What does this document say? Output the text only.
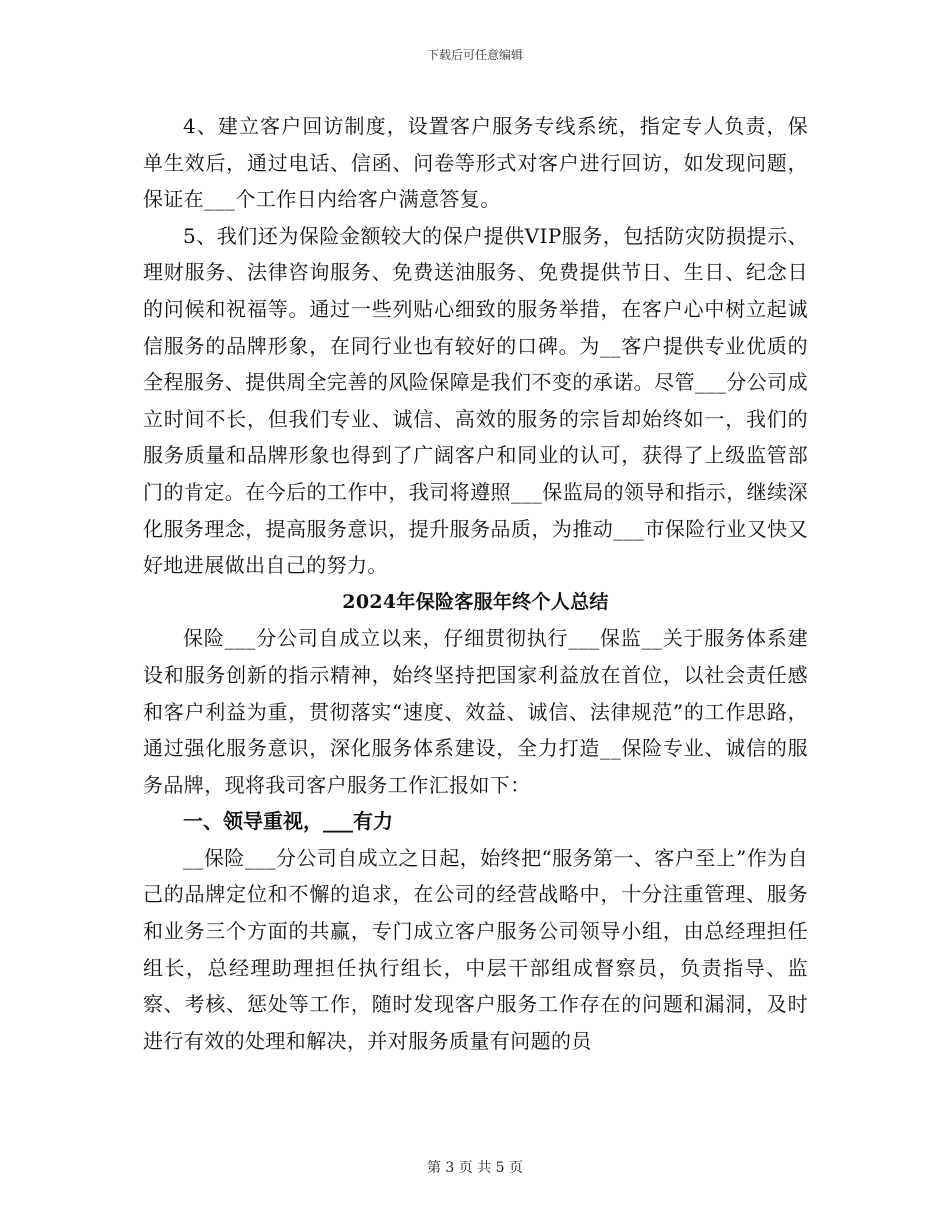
下载后可任意编辑

4、建立客户回访制度，设置客户服务专线系统，指定专人负责，保单生效后，通过电话、信函、问卷等形式对客户进行回访，如发现问题，保证在___个工作日内给客户满意答复。

5、我们还为保险金额较大的保户提供VIP服务，包括防灾防损提示、理财服务、法律咨询服务、免费送油服务、免费提供节日、生日、纪念日的问候和祝福等。通过一些列贴心细致的服务举措，在客户心中树立起诚信服务的品牌形象，在同行业也有较好的口碑。为__客户提供专业优质的全程服务、提供周全完善的风险保障是我们不变的承诺。尽管___分公司成立时间不长，但我们专业、诚信、高效的服务的宗旨却始终如一，我们的服务质量和品牌形象也得到了广阔客户和同业的认可，获得了上级监管部门的肯定。在今后的工作中，我司将遵照___保监局的领导和指示，继续深化服务理念，提高服务意识，提升服务品质，为推动___市保险行业又快又好地进展做出自己的努力。

2024年保险客服年终个人总结

保险___分公司自成立以来，仔细贯彻执行___保监__关于服务体系建设和服务创新的指示精神，始终坚持把国家利益放在首位，以社会责任感和客户利益为重，贯彻落实“速度、效益、诚信、法律规范”的工作思路，通过强化服务意识，深化服务体系建设，全力打造__保险专业、诚信的服务品牌，现将我司客户服务工作汇报如下：

一、领导重视，___有力

__保险___分公司自成立之日起，始终把“服务第一、客户至上”作为自己的品牌定位和不懈的追求，在公司的经营战略中，十分注重管理、服务和业务三个方面的共赢，专门成立客户服务公司领导小组，由总经理担任组长，总经理助理担任执行组长，中层干部组成督察员，负责指导、监察、考核、惩处等工作，随时发现客户服务工作存在的问题和漏洞，及时进行有效的处理和解决，并对服务质量有问题的员

第 3 页 共 5 页
